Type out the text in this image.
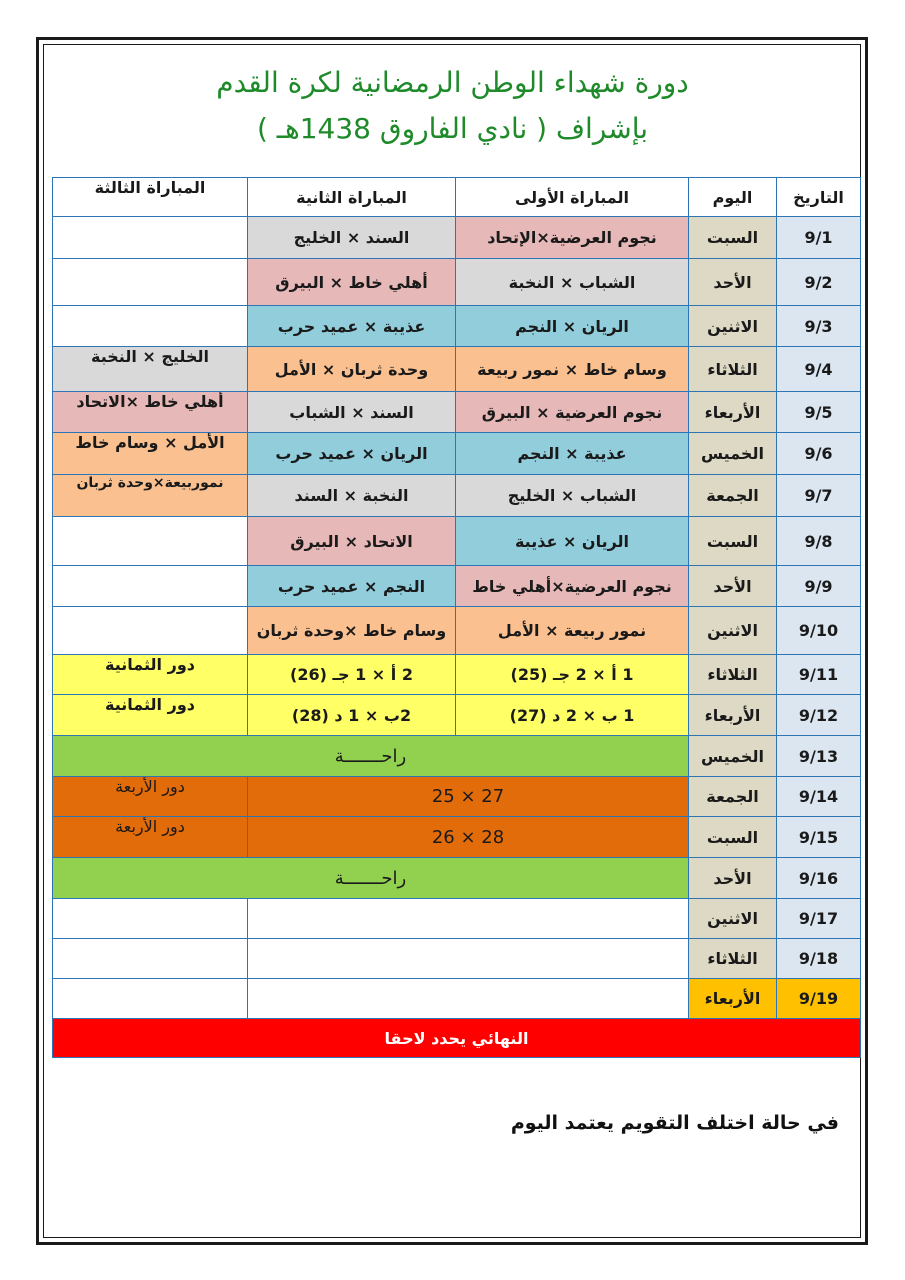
دورة شهداء الوطن الرمضانية لكرة القدم
بإشراف ( نادي الفاروق 1438هـ )
المباراة الثالثة	المباراة الثانية	المباراة الأولى	اليوم	التاريخ
	السند × الخليج	نجوم العرضية×الإتحاد	السبت	9/1
	أهلي خاط × البيرق	الشباب × النخبة	الأحد	9/2
	عذيبة × عميد حرب	الريان × النجم	الاثنين	9/3
الخليج × النخبة	وحدة ثربان × الأمل	وسام خاط × نمور ربيعة	الثلاثاء	9/4
أهلي خاط ×الاتحاد	السند × الشباب	نجوم العرضية × البيرق	الأربعاء	9/5
الأمل × وسام خاط	الريان × عميد حرب	عذيبة × النجم	الخميس	9/6
نموربيعة×وحدة ثربان	النخبة × السند	الشباب × الخليج	الجمعة	9/7
	الاتحاد × البيرق	الريان × عذيبة	السبت	9/8
	النجم × عميد حرب	نجوم العرضية×أهلي خاط	الأحد	9/9
	وسام خاط ×وحدة ثربان	نمور ربيعة × الأمل	الاثنين	9/10
دور الثمانية	2 أ × 1 جـ (26)	1 أ × 2 جـ (25)	الثلاثاء	9/11
دور الثمانية	2ب × 1 د (28)	1 ب × 2 د (27)	الأربعاء	9/12
راحـــــــة			الخميس	9/13
دور الأربعة	25 × 27		الجمعة	9/14
دور الأربعة	26 × 28		السبت	9/15
راحـــــــة			الأحد	9/16
			الاثنين	9/17
			الثلاثاء	9/18
			الأربعاء	9/19
النهائي يحدد لاحقا				
في حالة اختلف التقويم يعتمد اليوم
